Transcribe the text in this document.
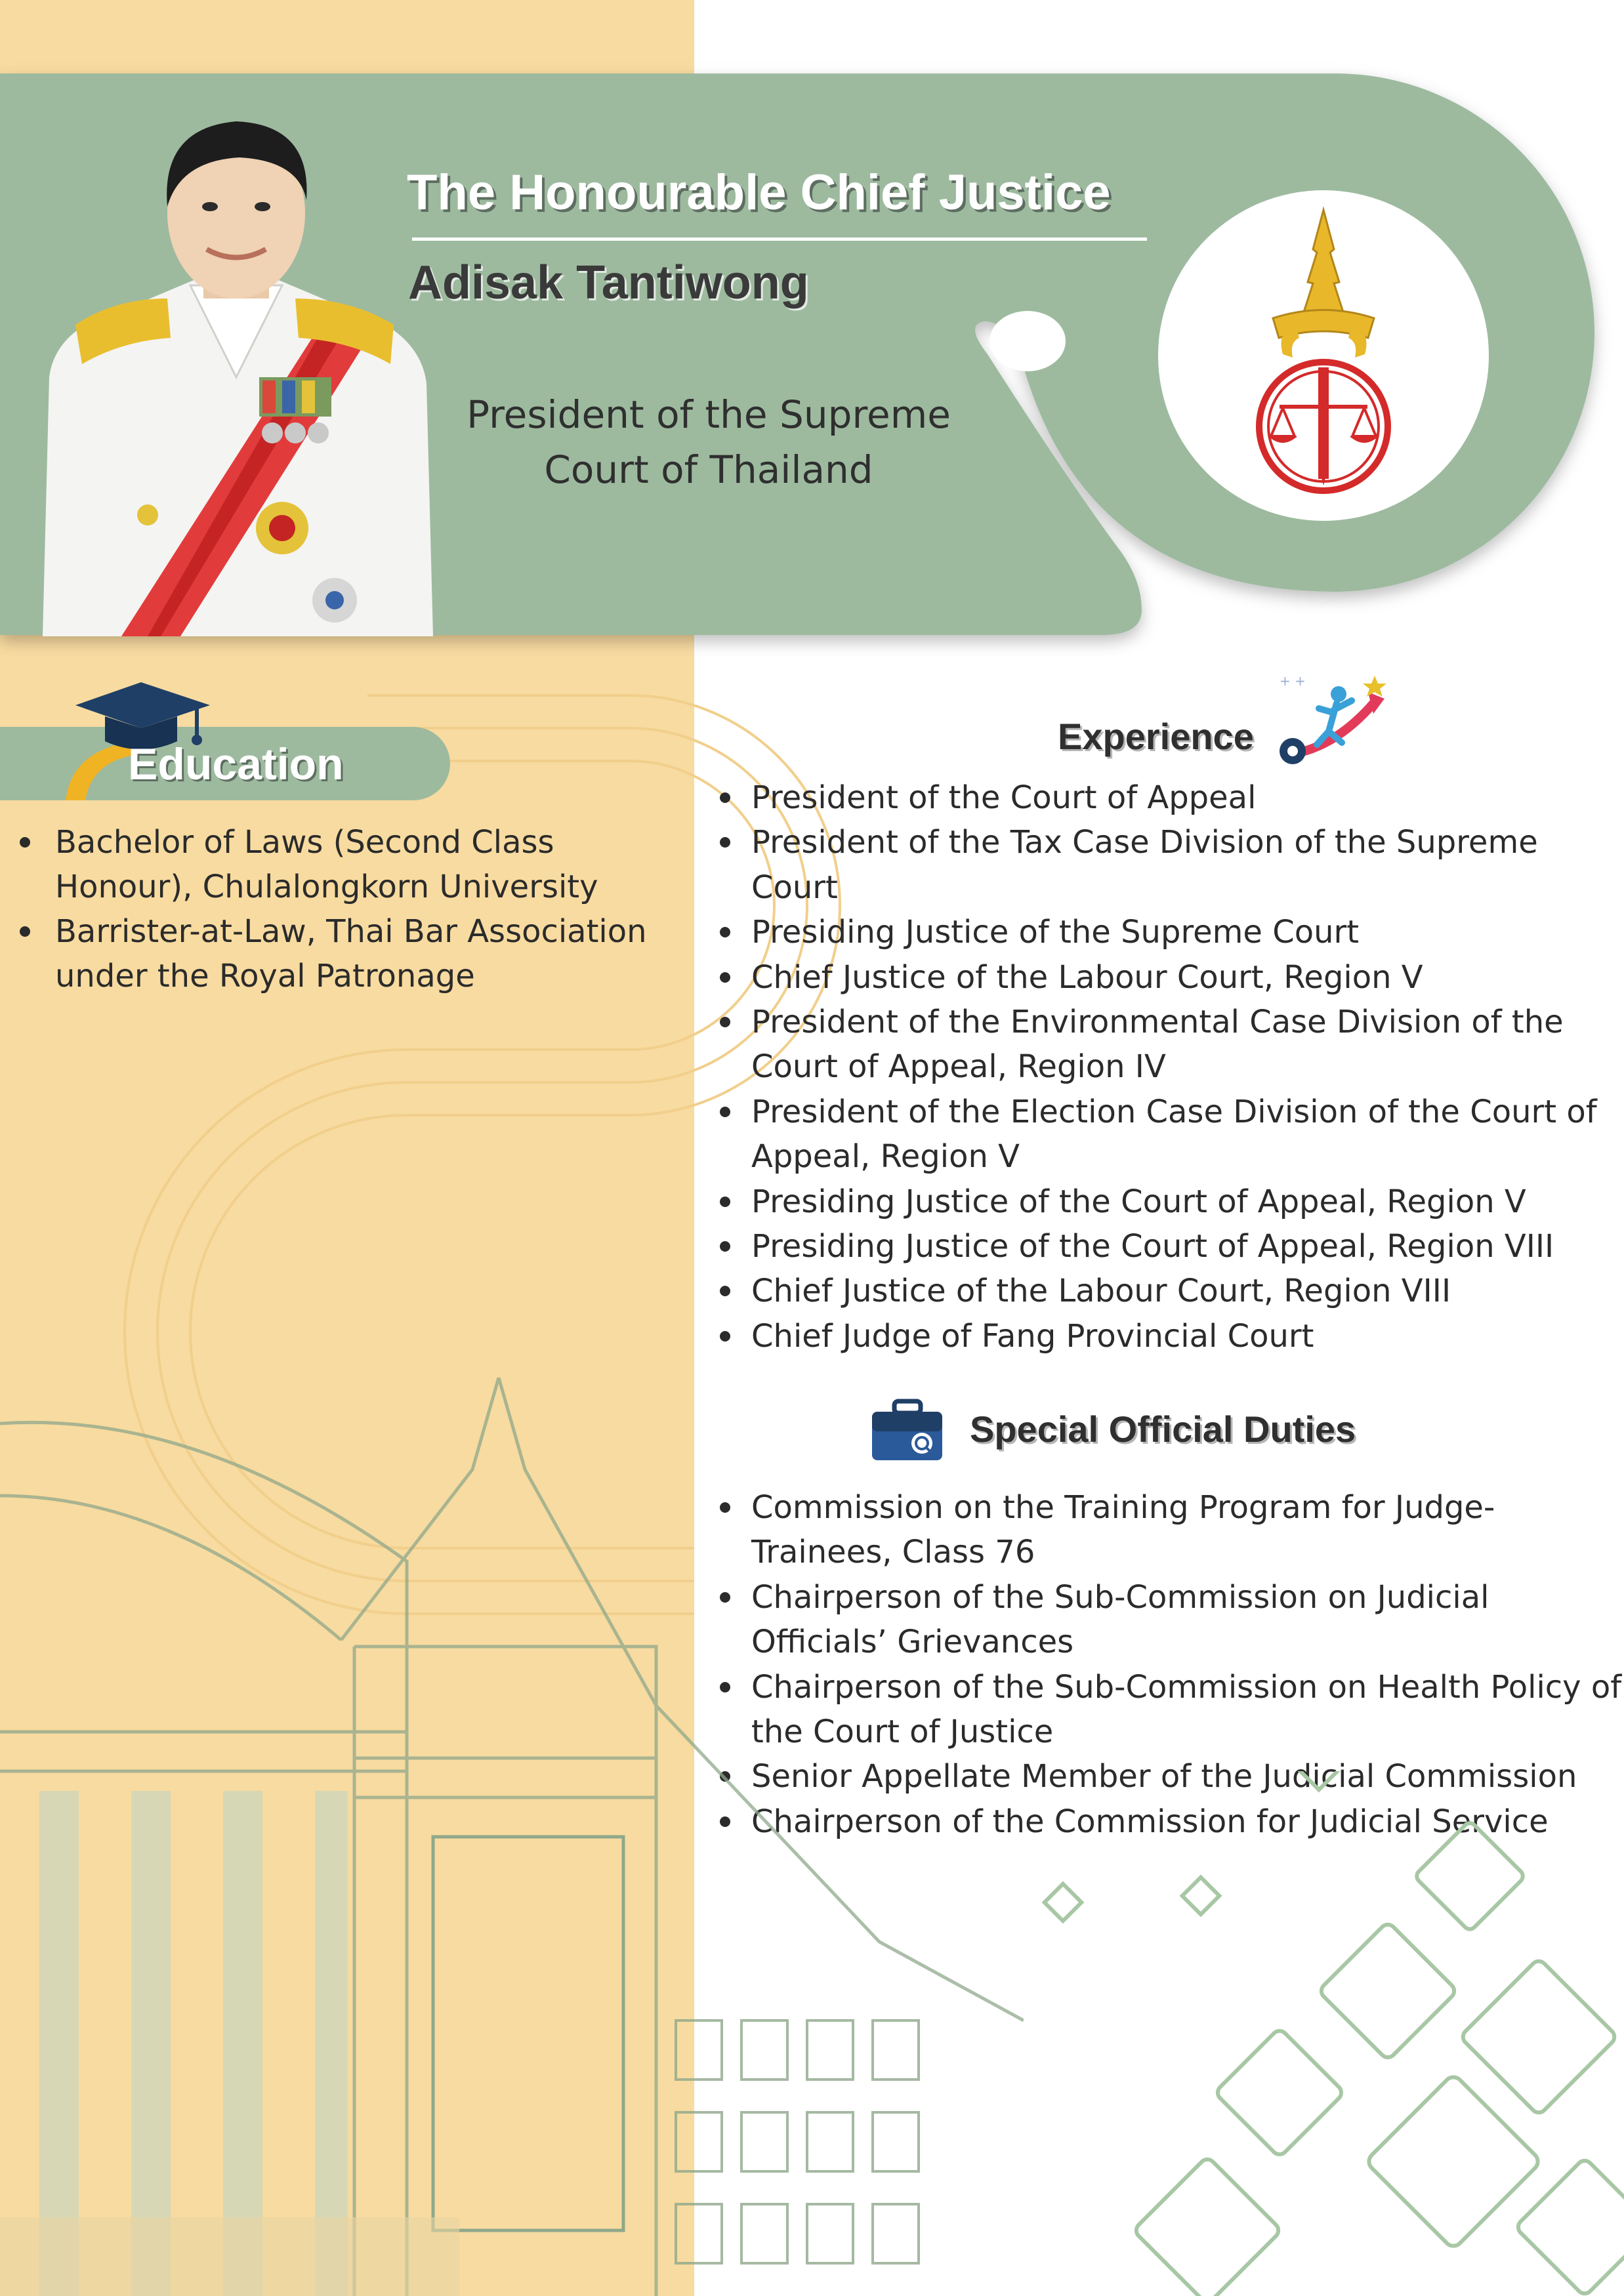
The Honourable Chief Justice
Adisak Tantiwong
President of the Supreme
Court of Thailand
Education
Bachelor of Laws (Second Class
Honour), Chulalongkorn University
Barrister-at-Law, Thai Bar Association
under the Royal Patronage
Experience
+ +
President of the Court of Appeal
President of the Tax Case Division of the Supreme Court
Presiding Justice of the Supreme Court
Chief Justice of the Labour Court, Region V
President of the Environmental Case Division of the Court of Appeal, Region IV
President of the Election Case Division of the Court of Appeal, Region V
Presiding Justice of the Court of Appeal, Region V
Presiding Justice of the Court of Appeal, Region VIII
Chief Justice of the Labour Court, Region VIII
Chief Judge of Fang Provincial Court
Special Official Duties
Commission on the Training Program for Judge-Trainees, Class 76
Chairperson of the Sub-Commission on Judicial Officials’ Grievances
Chairperson of the Sub-Commission on Health Policy of the Court of Justice
Senior Appellate Member of the Judicial Commission
Chairperson of the Commission for Judicial Service
